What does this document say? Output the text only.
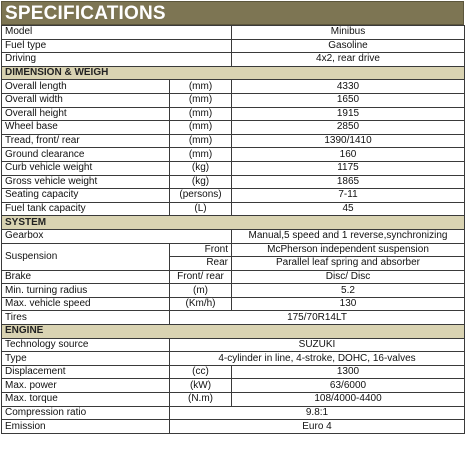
SPECIFICATIONS
Model		Minibus
Fuel type		Gasoline
Driving		4x2, rear drive
DIMENSION & WEIGH		
Overall length	(mm)	4330
Overall width	(mm)	1650
Overall height	(mm)	1915
Wheel base	(mm)	2850
Tread, front/ rear	(mm)	1390/1410
Ground clearance	(mm)	160
Curb vehicle weight	(kg)	1175
Gross vehicle weight	(kg)	1865
Seating capacity	(persons)	7-11
Fuel tank capacity	(L)	45
SYSTEM		
Gearbox		Manual,5 speed and 1 reverse,synchronizing
Suspension	Front	McPherson independent suspension
	Rear	Parallel leaf spring and absorber
Brake	Front/ rear	Disc/ Disc
Min. turning radius	(m)	5.2
Max. vehicle speed	(Km/h)	130
Tires	175/70R14LT	
ENGINE		
Technology source	SUZUKI	
Type	4-cylinder in line, 4-stroke, DOHC, 16-valves	
Displacement	(cc)	1300
Max. power	(kW)	63/6000
Max. torque	(N.m)	108/4000-4400
Compression ratio	9.8:1	
Emission	Euro 4	
